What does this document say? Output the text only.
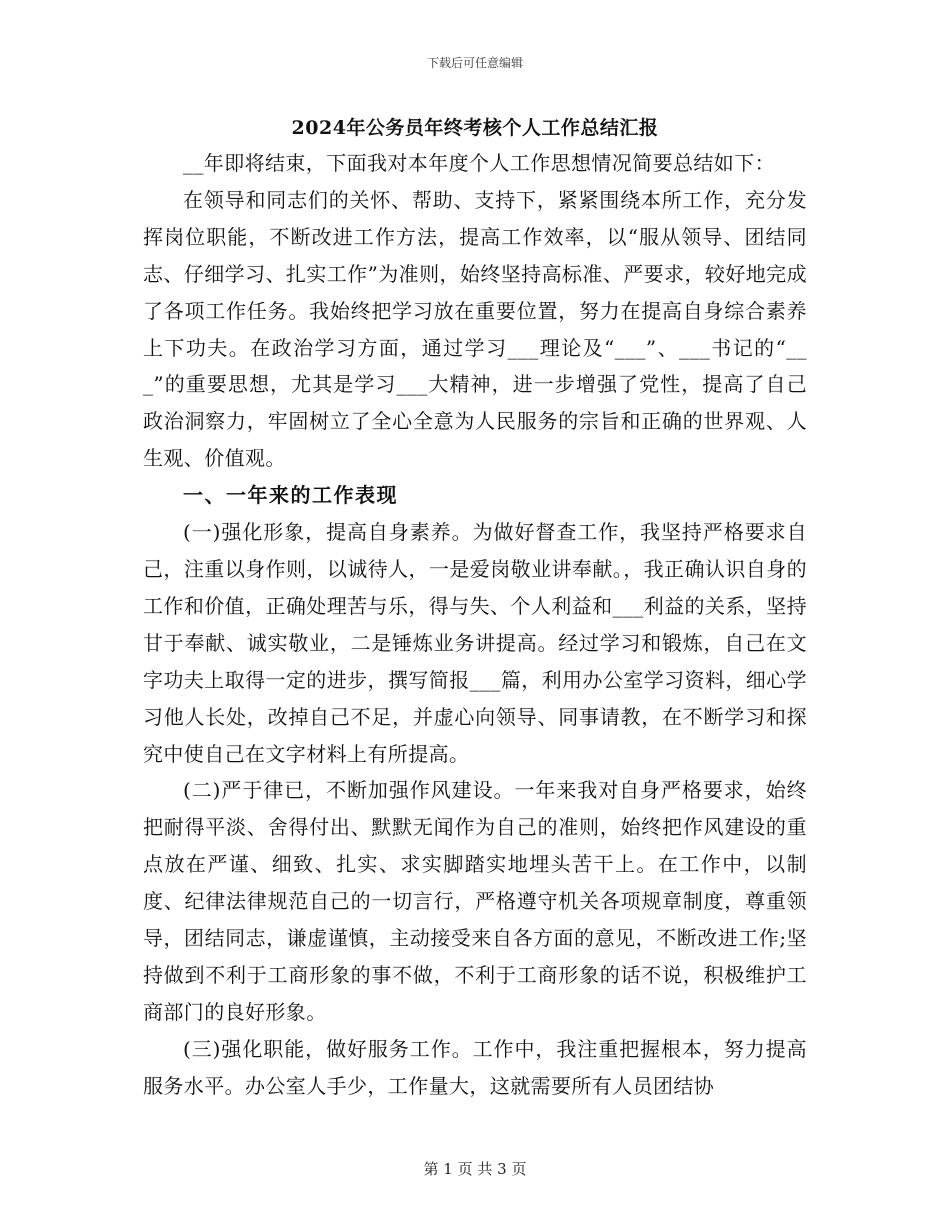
下载后可任意编辑
2024年公务员年终考核个人工作总结汇报

__年即将结束，下面我对本年度个人工作思想情况简要总结如下：

在领导和同志们的关怀、帮助、支持下，紧紧围绕本所工作，充分发挥岗位职能，不断改进工作方法，提高工作效率，以“服从领导、团结同志、仔细学习、扎实工作”为准则，始终坚持高标准、严要求，较好地完成了各项工作任务。我始终把学习放在重要位置，努力在提高自身综合素养上下功夫。在政治学习方面，通过学习___理论及“___”、___书记的“___”的重要思想，尤其是学习___大精神，进一步增强了党性，提高了自己政治洞察力，牢固树立了全心全意为人民服务的宗旨和正确的世界观、人生观、价值观。

一、一年来的工作表现

(一)强化形象，提高自身素养。为做好督查工作，我坚持严格要求自己，注重以身作则，以诚待人，一是爱岗敬业讲奉献。，我正确认识自身的工作和价值，正确处理苦与乐，得与失、个人利益和___利益的关系，坚持甘于奉献、诚实敬业，二是锤炼业务讲提高。经过学习和锻炼，自己在文字功夫上取得一定的进步，撰写简报___篇，利用办公室学习资料，细心学习他人长处，改掉自己不足，并虚心向领导、同事请教，在不断学习和探究中使自己在文字材料上有所提高。

(二)严于律已，不断加强作风建设。一年来我对自身严格要求，始终把耐得平淡、舍得付出、默默无闻作为自己的准则，始终把作风建设的重点放在严谨、细致、扎实、求实脚踏实地埋头苦干上。在工作中，以制度、纪律法律规范自己的一切言行，严格遵守机关各项规章制度，尊重领导，团结同志，谦虚谨慎，主动接受来自各方面的意见，不断改进工作;坚持做到不利于工商形象的事不做，不利于工商形象的话不说，积极维护工商部门的良好形象。

(三)强化职能，做好服务工作。工作中，我注重把握根本，努力提高服务水平。办公室人手少，工作量大，这就需要所有人员团结协

第 1 页 共 3 页
